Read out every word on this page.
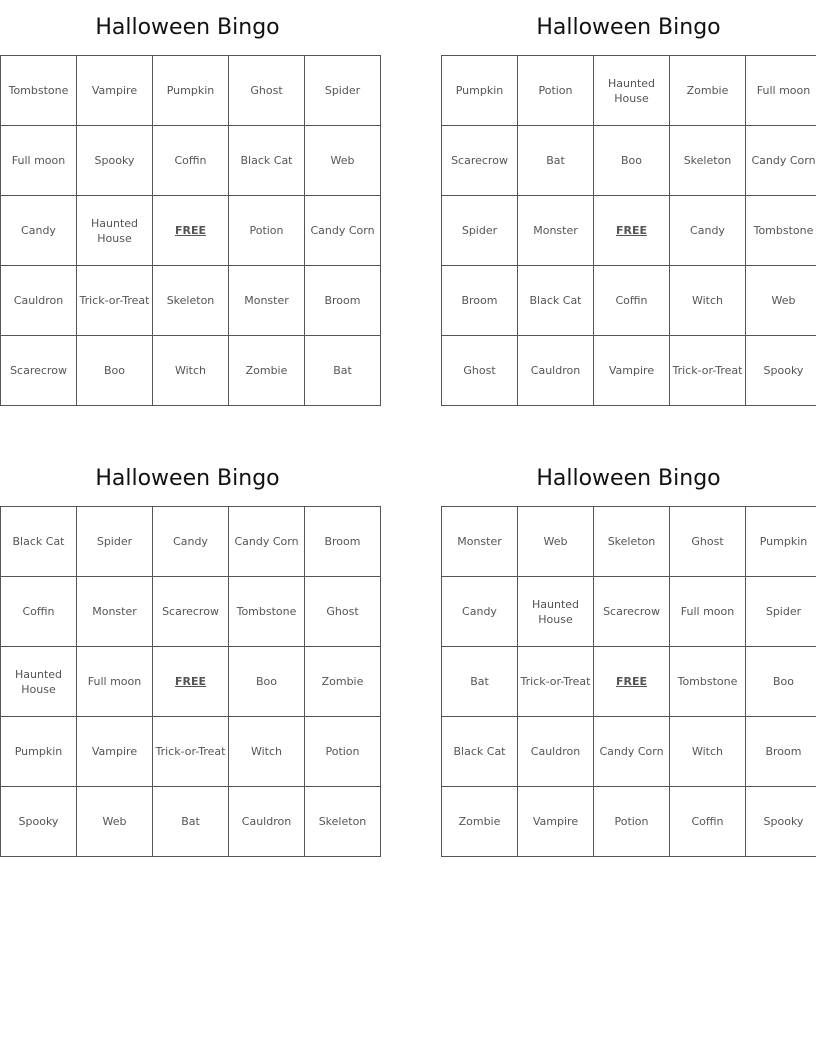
Halloween Bingo
Tombstone	Vampire	Pumpkin	Ghost	Spider
Full moon	Spooky	Coffin	Black Cat	Web
Candy	Haunted House	FREE	Potion	Candy Corn
Cauldron	Trick-or-Treat	Skeleton	Monster	Broom
Scarecrow	Boo	Witch	Zombie	Bat
Halloween Bingo
Pumpkin	Potion	Haunted House	Zombie	Full moon
Scarecrow	Bat	Boo	Skeleton	Candy Corn
Spider	Monster	FREE	Candy	Tombstone
Broom	Black Cat	Coffin	Witch	Web
Ghost	Cauldron	Vampire	Trick-or-Treat	Spooky
Halloween Bingo
Black Cat	Spider	Candy	Candy Corn	Broom
Coffin	Monster	Scarecrow	Tombstone	Ghost
Haunted House	Full moon	FREE	Boo	Zombie
Pumpkin	Vampire	Trick-or-Treat	Witch	Potion
Spooky	Web	Bat	Cauldron	Skeleton
Halloween Bingo
Monster	Web	Skeleton	Ghost	Pumpkin
Candy	Haunted House	Scarecrow	Full moon	Spider
Bat	Trick-or-Treat	FREE	Tombstone	Boo
Black Cat	Cauldron	Candy Corn	Witch	Broom
Zombie	Vampire	Potion	Coffin	Spooky
